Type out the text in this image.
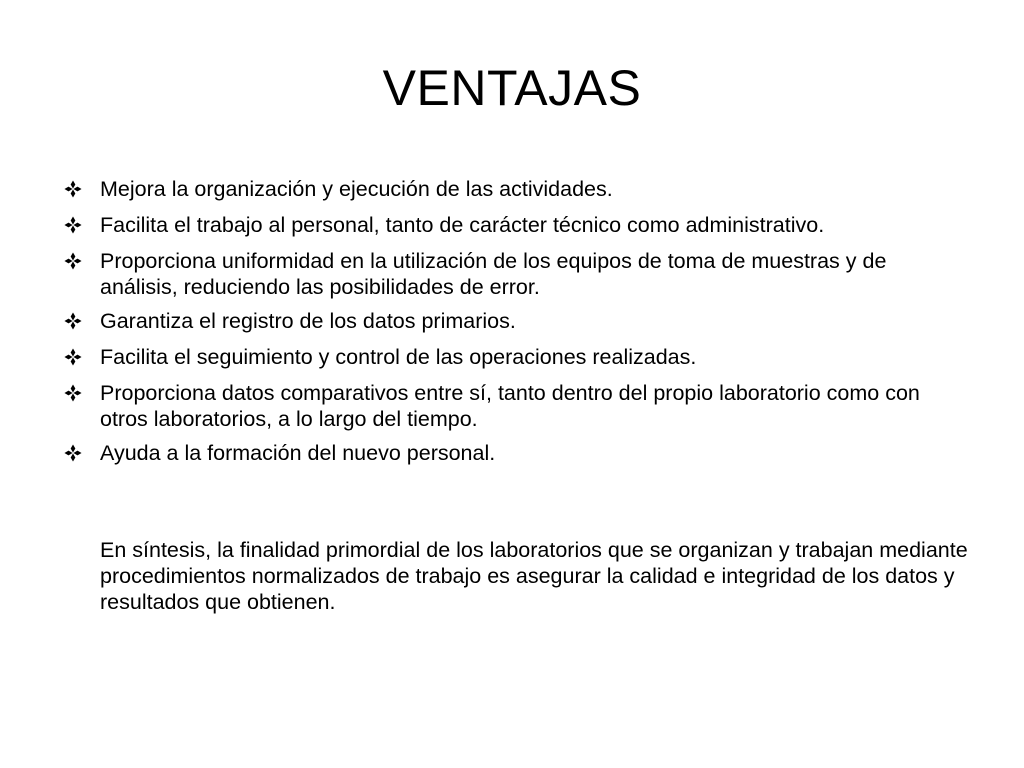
VENTAJAS
Mejora la organización y ejecución de las actividades.
Facilita el trabajo al personal, tanto de carácter técnico como administrativo.
Proporciona uniformidad en la utilización de los equipos de toma de muestras y de análisis, reduciendo las posibilidades de error.
Garantiza el registro de los datos primarios.
Facilita el seguimiento y control de las operaciones realizadas.
Proporciona datos comparativos entre sí, tanto dentro del propio laboratorio como con otros laboratorios, a lo largo del tiempo.
Ayuda a la formación del nuevo personal.

En síntesis, la finalidad primordial de los laboratorios que se organizan y trabajan mediante procedimientos normalizados de trabajo es asegurar la calidad e integridad de los datos y resultados que obtienen.
